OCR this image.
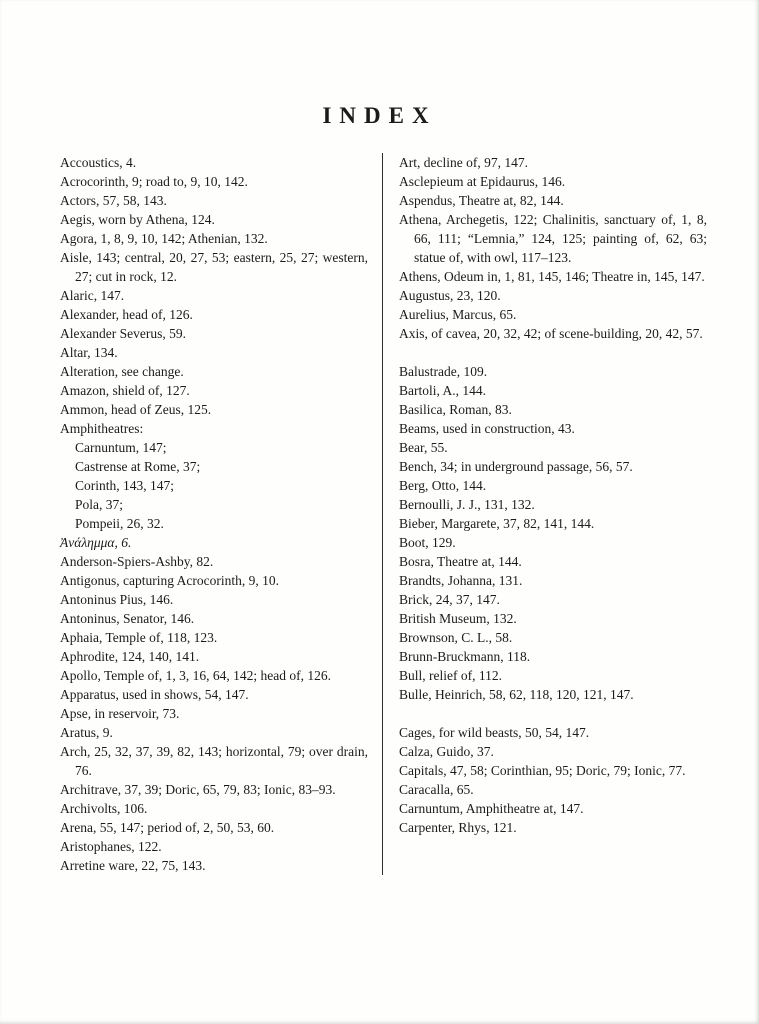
INDEX
Accoustics, 4.
Acrocorinth, 9; road to, 9, 10, 142.
Actors, 57, 58, 143.
Aegis, worn by Athena, 124.
Agora, 1, 8, 9, 10, 142; Athenian, 132.
Aisle, 143; central, 20, 27, 53; eastern, 25, 27; western, 27; cut in rock, 12.
Alaric, 147.
Alexander, head of, 126.
Alexander Severus, 59.
Altar, 134.
Alteration, see change.
Amazon, shield of, 127.
Ammon, head of Zeus, 125.
Amphitheatres:
Carnuntum, 147;
Castrense at Rome, 37;
Corinth, 143, 147;
Pola, 37;
Pompeii, 26, 32.
Ἀνάλημμα, 6.
Anderson-Spiers-Ashby, 82.
Antigonus, capturing Acrocorinth, 9, 10.
Antoninus Pius, 146.
Antoninus, Senator, 146.
Aphaia, Temple of, 118, 123.
Aphrodite, 124, 140, 141.
Apollo, Temple of, 1, 3, 16, 64, 142; head of, 126.
Apparatus, used in shows, 54, 147.
Apse, in reservoir, 73.
Aratus, 9.
Arch, 25, 32, 37, 39, 82, 143; horizontal, 79; over drain, 76.
Architrave, 37, 39; Doric, 65, 79, 83; Ionic, 83–93.
Archivolts, 106.
Arena, 55, 147; period of, 2, 50, 53, 60.
Aristophanes, 122.
Arretine ware, 22, 75, 143.
Art, decline of, 97, 147.
Asclepieum at Epidaurus, 146.
Aspendus, Theatre at, 82, 144.
Athena, Archegetis, 122; Chalinitis, sanctuary of, 1, 8, 66, 111; “Lemnia,” 124, 125; painting of, 62, 63; statue of, with owl, 117–123.
Athens, Odeum in, 1, 81, 145, 146; Theatre in, 145, 147.
Augustus, 23, 120.
Aurelius, Marcus, 65.
Axis, of cavea, 20, 32, 42; of scene-building, 20, 42, 57.
Balustrade, 109.
Bartoli, A., 144.
Basilica, Roman, 83.
Beams, used in construction, 43.
Bear, 55.
Bench, 34; in underground passage, 56, 57.
Berg, Otto, 144.
Bernoulli, J. J., 131, 132.
Bieber, Margarete, 37, 82, 141, 144.
Boot, 129.
Bosra, Theatre at, 144.
Brandts, Johanna, 131.
Brick, 24, 37, 147.
British Museum, 132.
Brownson, C. L., 58.
Brunn-Bruckmann, 118.
Bull, relief of, 112.
Bulle, Heinrich, 58, 62, 118, 120, 121, 147.
Cages, for wild beasts, 50, 54, 147.
Calza, Guido, 37.
Capitals, 47, 58; Corinthian, 95; Doric, 79; Ionic, 77.
Caracalla, 65.
Carnuntum, Amphitheatre at, 147.
Carpenter, Rhys, 121.
